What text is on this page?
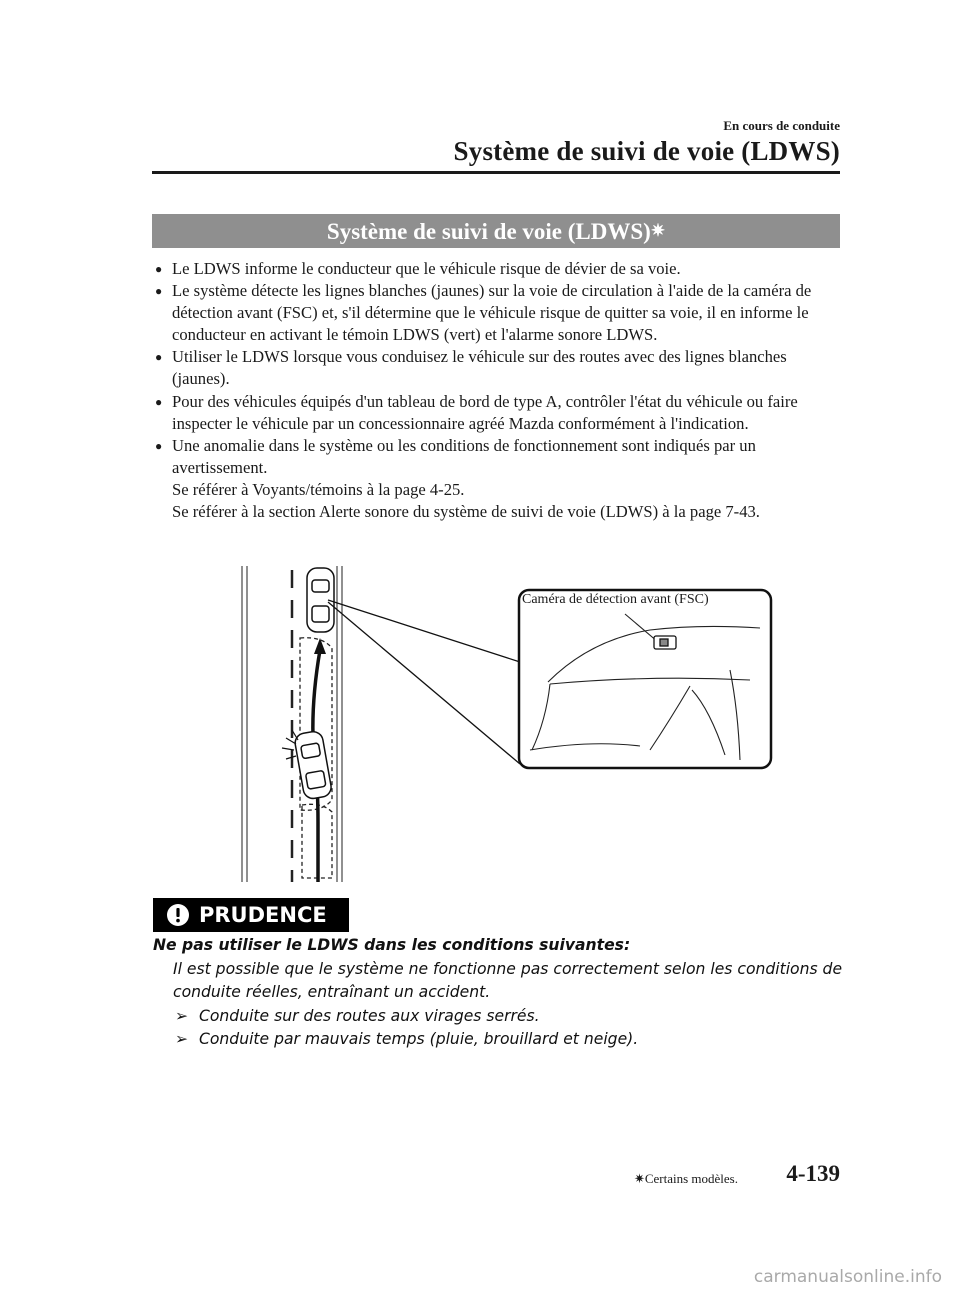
En cours de conduite
Système de suivi de voie (LDWS)
Système de suivi de voie (LDWS)✷
● Le LDWS informe le conducteur que le véhicule risque de dévier de sa voie.
● Le système détecte les lignes blanches (jaunes) sur la voie de circulation à l'aide de la caméra de détection avant (FSC) et, s'il détermine que le véhicule risque de quitter sa voie, il en informe le conducteur en activant le témoin LDWS (vert) et l'alarme sonore LDWS.
● Utiliser le LDWS lorsque vous conduisez le véhicule sur des routes avec des lignes blanches (jaunes).
● Pour des véhicules équipés d'un tableau de bord de type A, contrôler l'état du véhicule ou faire inspecter le véhicule par un concessionnaire agréé Mazda conformément à l'indication.
● Une anomalie dans le système ou les conditions de fonctionnement sont indiqués par un avertissement.
Se référer à Voyants/témoins à la page 4-25.
Se référer à la section Alerte sonore du système de suivi de voie (LDWS) à la page 7-43.
Caméra de détection avant (FSC)
PRUDENCE
Ne pas utiliser le LDWS dans les conditions suivantes:
Il est possible que le système ne fonctionne pas correctement selon les conditions de conduite réelles, entraînant un accident.
➢ Conduite sur des routes aux virages serrés.
➢ Conduite par mauvais temps (pluie, brouillard et neige).
✷Certains modèles. 4-139
carmanualsonline.info
